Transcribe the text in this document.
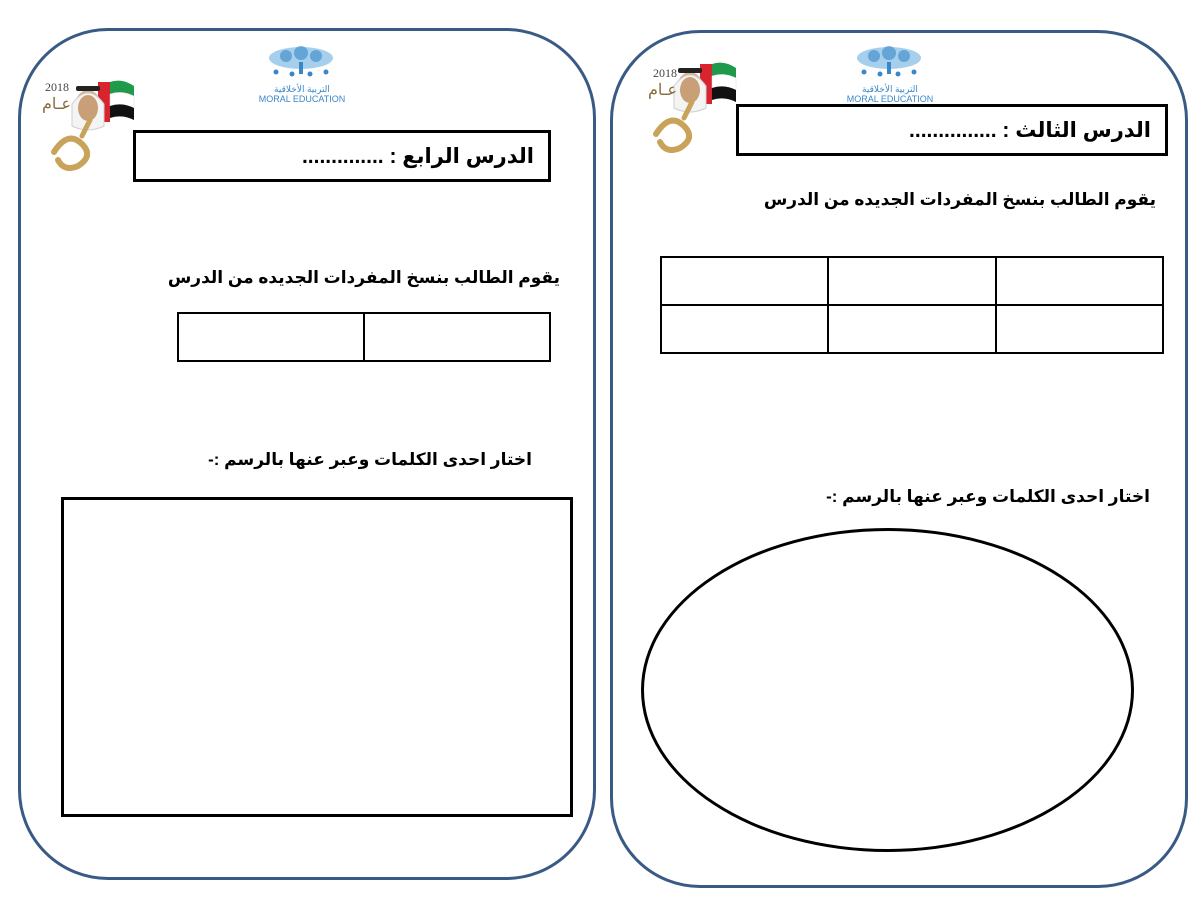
2018
عـام
التربية الأخلاقية
MORAL EDUCATION
الدرس الرابع : ..............
يقوم الطالب بنسخ المفردات الجديده من الدرس

اختار احدى الكلمات وعبر عنها بالرسم :-
2018
عـام	التربية الأخلاقية
MORAL EDUCATION
الدرس الثالث : ...............
يقوم الطالب بنسخ المفردات الجديده من الدرس

اختار احدى الكلمات وعبر عنها بالرسم :-
